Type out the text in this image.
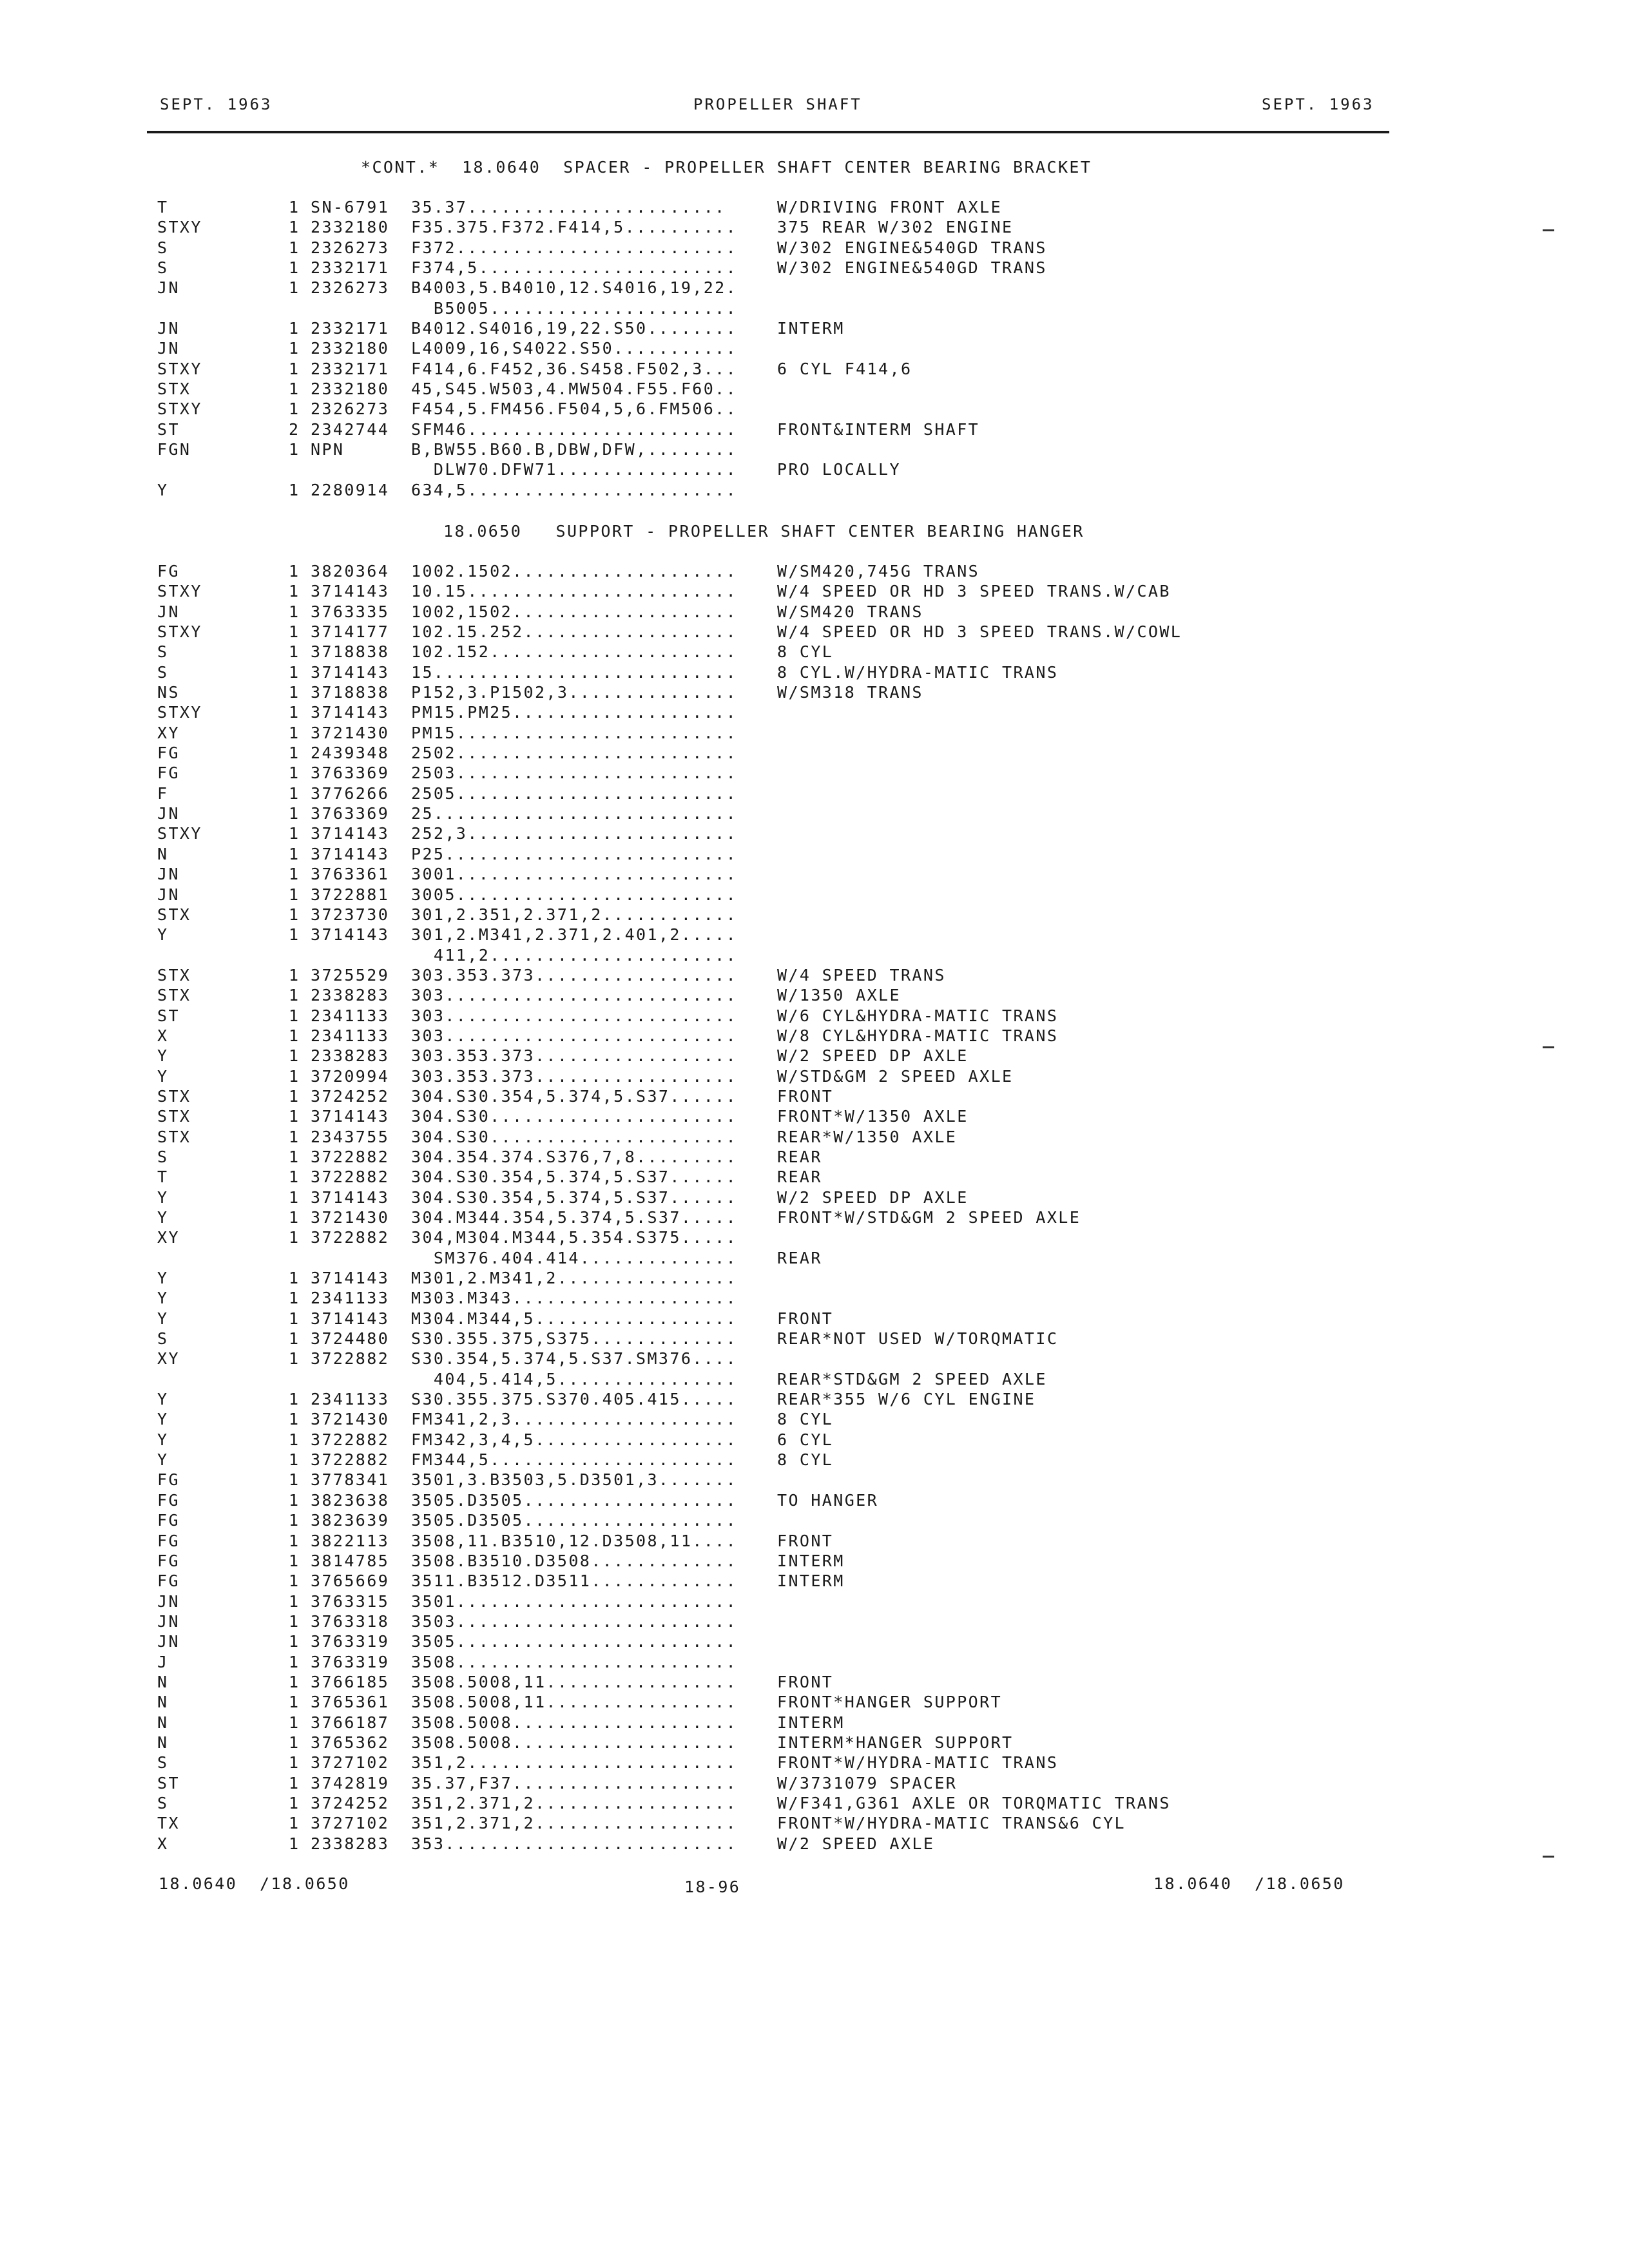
SEPT. 1963	PROPELLER SHAFT	SEPT. 1963
*CONT.*  18.0640  SPACER - PROPELLER SHAFT CENTER BEARING BRACKET
T	1 SN-6791 35.37.......................	W/DRIVING FRONT AXLE
STXY	1 2332180 F35.375.F372.F414,5.......... 375 REAR W/302 ENGINE
S	1 2326273 F372......................... W/302 ENGINE&540GD TRANS
S	1 2332171 F374,5....................... W/302 ENGINE&540GD TRANS
JN	1 2326273 B4003,5.B4010,12.S4016,19,22.
B5005......................
JN	1 2332171 B4012.S4016,19,22.S50........ INTERM
JN	1 2332180 L4009,16,S4022.S50...........
STXY	1 2332171 F414,6.F452,36.S458.F502,3... 6 CYL F414,6
STX	1 2332180 45,S45.W503,4.MW504.F55.F60..
STXY	1 2326273 F454,5.FM456.F504,5,6.FM506..
ST	2 2342744 SFM46........................ FRONT&INTERM SHAFT
FGN	1 NPN	B,BW55.B60.B,DBW,DFW,........
DLW70.DFW71................ PRO LOCALLY
Y	1 2280914 634,5........................
18.0650   SUPPORT - PROPELLER SHAFT CENTER BEARING HANGER
FG	1 3820364 1002.1502.................... W/SM420,745G TRANS
STXY	1 3714143 10.15........................ W/4 SPEED OR HD 3 SPEED TRANS.W/CAB
JN	1 3763335 1002,1502.................... W/SM420 TRANS
STXY	1 3714177 102.15.252................... W/4 SPEED OR HD 3 SPEED TRANS.W/COWL
S	1 3718838 102.152...................... 8 CYL
S	1 3714143 15........................... 8 CYL.W/HYDRA-MATIC TRANS
NS	1 3718838 P152,3.P1502,3............... W/SM318 TRANS
STXY	1 3714143 PM15.PM25....................
XY	1 3721430 PM15.........................
FG	1 2439348 2502.........................
FG	1 3763369 2503.........................
F	1 3776266 2505.........................
JN	1 3763369 25...........................
STXY	1 3714143 252,3........................
N	1 3714143 P25..........................
JN	1 3763361 3001.........................
JN	1 3722881 3005.........................
STX	1 3723730 301,2.351,2.371,2............
Y	1 3714143 301,2.M341,2.371,2.401,2.....
411,2......................
STX	1 3725529 303.353.373.................. W/4 SPEED TRANS
STX	1 2338283 303.......................... W/1350 AXLE
ST	1 2341133 303.......................... W/6 CYL&HYDRA-MATIC TRANS
X	1 2341133 303.......................... W/8 CYL&HYDRA-MATIC TRANS
Y	1 2338283 303.353.373.................. W/2 SPEED DP AXLE
Y	1 3720994 303.353.373.................. W/STD&GM 2 SPEED AXLE
STX	1 3724252 304.S30.354,5.374,5.S37...... FRONT
STX	1 3714143 304.S30...................... FRONT*W/1350 AXLE
STX	1 2343755 304.S30...................... REAR*W/1350 AXLE
S	1 3722882 304.354.374.S376,7,8......... REAR
T	1 3722882 304.S30.354,5.374,5.S37...... REAR
Y	1 3714143 304.S30.354,5.374,5.S37...... W/2 SPEED DP AXLE
Y	1 3721430 304.M344.354,5.374,5.S37..... FRONT*W/STD&GM 2 SPEED AXLE
XY	1 3722882 304,M304.M344,5.354.S375.....
SM376.404.414.............. REAR
Y	1 3714143 M301,2.M341,2................
Y	1 2341133 M303.M343....................
Y	1 3714143 M304.M344,5.................. FRONT
S	1 3724480 S30.355.375,S375............. REAR*NOT USED W/TORQMATIC
XY	1 3722882 S30.354,5.374,5.S37.SM376....
404,5.414,5................ REAR*STD&GM 2 SPEED AXLE
Y	1 2341133 S30.355.375.S370.405.415..... REAR*355 W/6 CYL ENGINE
Y	1 3721430 FM341,2,3.................... 8 CYL
Y	1 3722882 FM342,3,4,5.................. 6 CYL
Y	1 3722882 FM344,5...................... 8 CYL
FG	1 3778341 3501,3.B3503,5.D3501,3.......
FG	1 3823638 3505.D3505................... TO HANGER
FG	1 3823639 3505.D3505...................
FG	1 3822113 3508,11.B3510,12.D3508,11.... FRONT
FG	1 3814785 3508.B3510.D3508............. INTERM
FG	1 3765669 3511.B3512.D3511............. INTERM
JN	1 3763315 3501.........................
JN	1 3763318 3503.........................
JN	1 3763319 3505.........................
J	1 3763319 3508.........................
N	1 3766185 3508.5008,11................. FRONT
N	1 3765361 3508.5008,11................. FRONT*HANGER SUPPORT
N	1 3766187 3508.5008.................... INTERM
N	1 3765362 3508.5008.................... INTERM*HANGER SUPPORT
S	1 3727102 351,2........................ FRONT*W/HYDRA-MATIC TRANS
ST	1 3742819 35.37,F37.................... W/3731079 SPACER
S	1 3724252 351,2.371,2.................. W/F341,G361 AXLE OR TORQMATIC TRANS
TX	1 3727102 351,2.371,2.................. FRONT*W/HYDRA-MATIC TRANS&6 CYL
X	1 2338283 353.......................... W/2 SPEED AXLE
18.0640  /18.0650	18-96	18.0640  /18.0650
